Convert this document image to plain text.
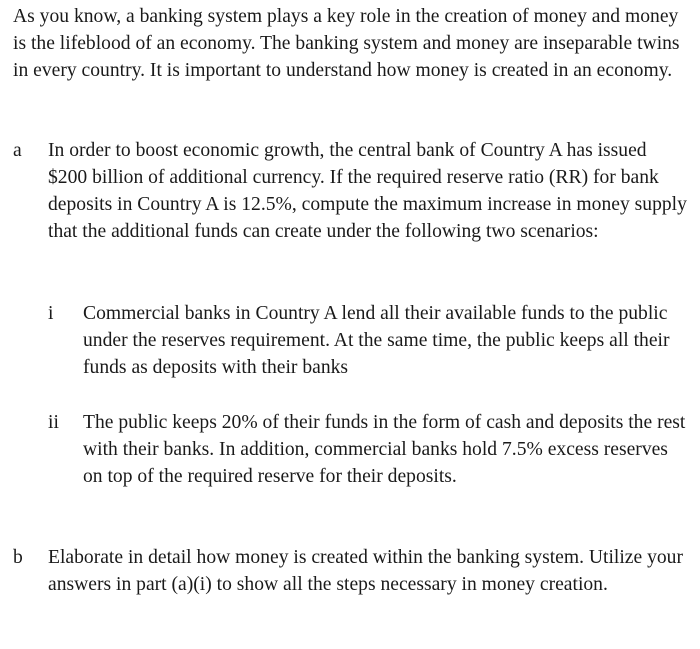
As you know, a banking system plays a key role in the creation of money and money is the lifeblood of an economy. The banking system and money are inseparable twins in every country. It is important to understand how money is created in an economy.

a	In order to boost economic growth, the central bank of Country A has issued $200 billion of additional currency. If the required reserve ratio (RR) for bank deposits in Country A is 12.5%, compute the maximum increase in money supply that the additional funds can create under the following two scenarios:

i	Commercial banks in Country A lend all their available funds to the public under the reserves requirement. At the same time, the public keeps all their funds as deposits with their banks

ii	The public keeps 20% of their funds in the form of cash and deposits the rest with their banks. In addition, commercial banks hold 7.5% excess reserves on top of the required reserve for their deposits.

b	Elaborate in detail how money is created within the banking system. Utilize your answers in part (a)(i) to show all the steps necessary in money creation.
